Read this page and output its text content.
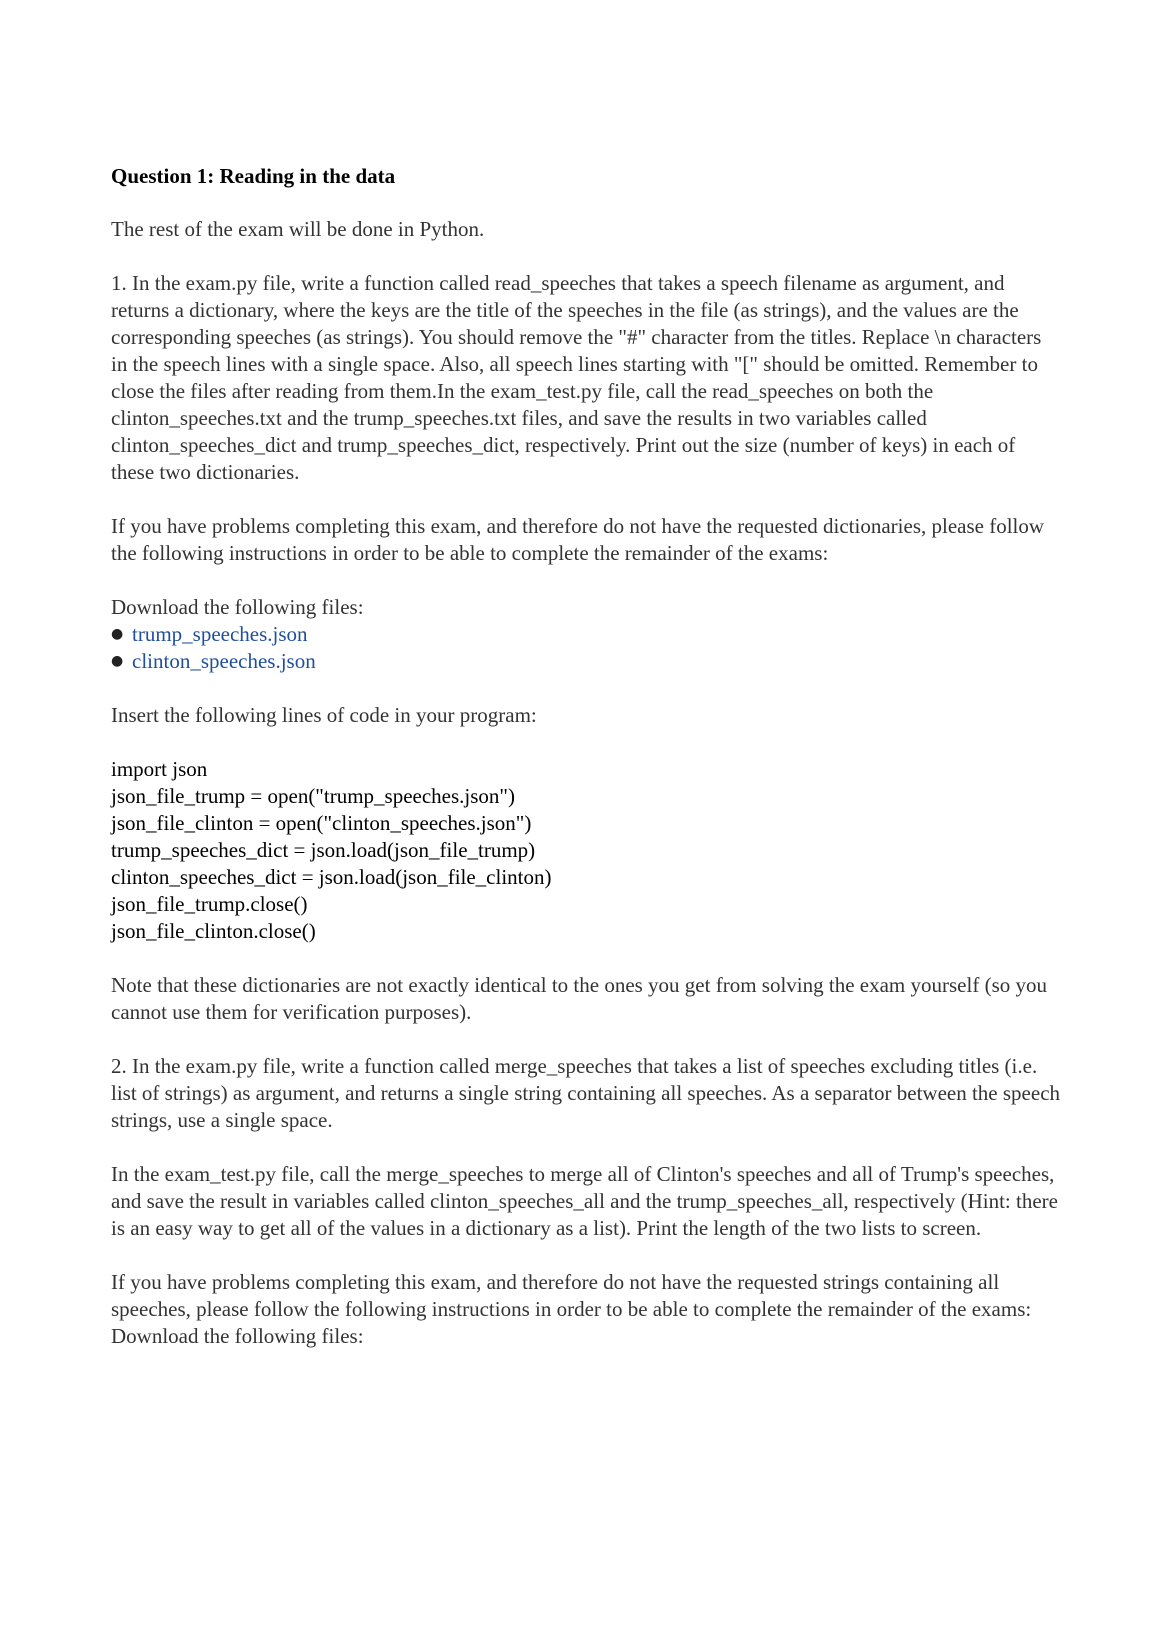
Question 1: Reading in the data

The rest of the exam will be done in Python.

1. In the exam.py file, write a function called read_speeches that takes a speech filename as argument, and returns a dictionary, where the keys are the title of the speeches in the file (as strings), and the values are the corresponding speeches (as strings). You should remove the "#" character from the titles. Replace \n characters in the speech lines with a single space. Also, all speech lines starting with "[" should be omitted. Remember to close the files after reading from them.In the exam_test.py file, call the read_speeches on both the clinton_speeches.txt and the trump_speeches.txt files, and save the results in two variables called clinton_speeches_dict and trump_speeches_dict, respectively. Print out the size (number of keys) in each of these two dictionaries.

If you have problems completing this exam, and therefore do not have the requested dictionaries, please follow the following instructions in order to be able to complete the remainder of the exams:

Download the following files:

● trump_speeches.json
● clinton_speeches.json

Insert the following lines of code in your program:

import json
json_file_trump = open("trump_speeches.json")
json_file_clinton = open("clinton_speeches.json")
trump_speeches_dict = json.load(json_file_trump)
clinton_speeches_dict = json.load(json_file_clinton)
json_file_trump.close()
json_file_clinton.close()

Note that these dictionaries are not exactly identical to the ones you get from solving the exam yourself (so you cannot use them for verification purposes).

2. In the exam.py file, write a function called merge_speeches that takes a list of speeches excluding titles (i.e. list of strings) as argument, and returns a single string containing all speeches. As a separator between the speech strings, use a single space.

In the exam_test.py file, call the merge_speeches to merge all of Clinton's speeches and all of Trump's speeches, and save the result in variables called clinton_speeches_all and the trump_speeches_all, respectively (Hint: there is an easy way to get all of the values in a dictionary as a list). Print the length of the two lists to screen.

If you have problems completing this exam, and therefore do not have the requested strings containing all speeches, please follow the following instructions in order to be able to complete the remainder of the exams:

Download the following files:
